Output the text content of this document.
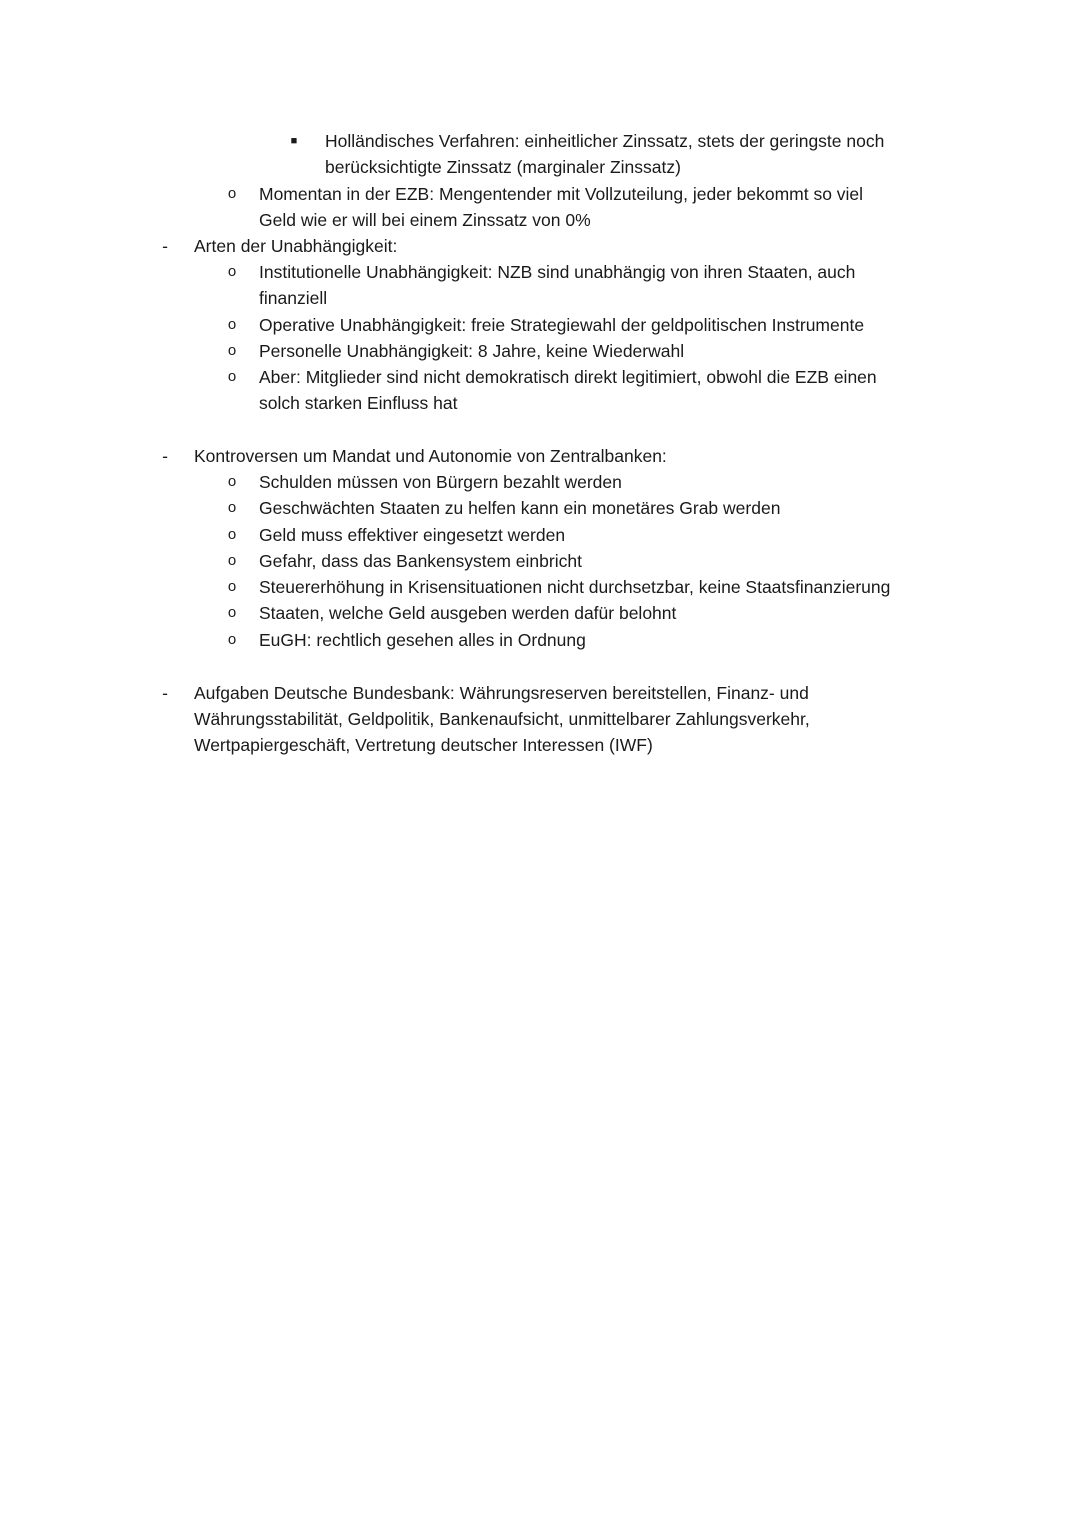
■ Holländisches Verfahren: einheitlicher Zinssatz, stets der geringste noch
berücksichtigte Zinssatz (marginaler Zinssatz)
o Momentan in der EZB: Mengentender mit Vollzuteilung, jeder bekommt so viel
Geld wie er will bei einem Zinssatz von 0%
- Arten der Unabhängigkeit:
o Institutionelle Unabhängigkeit: NZB sind unabhängig von ihren Staaten, auch
finanziell
o Operative Unabhängigkeit: freie Strategiewahl der geldpolitischen Instrumente
o Personelle Unabhängigkeit: 8 Jahre, keine Wiederwahl
o Aber: Mitglieder sind nicht demokratisch direkt legitimiert, obwohl die EZB einen
solch starken Einfluss hat
- Kontroversen um Mandat und Autonomie von Zentralbanken:
o Schulden müssen von Bürgern bezahlt werden
o Geschwächten Staaten zu helfen kann ein monetäres Grab werden
o Geld muss effektiver eingesetzt werden
o Gefahr, dass das Bankensystem einbricht
o Steuererhöhung in Krisensituationen nicht durchsetzbar, keine Staatsfinanzierung
o Staaten, welche Geld ausgeben werden dafür belohnt
o EuGH: rechtlich gesehen alles in Ordnung
- Aufgaben Deutsche Bundesbank: Währungsreserven bereitstellen, Finanz- und
Währungsstabilität, Geldpolitik, Bankenaufsicht, unmittelbarer Zahlungsverkehr,
Wertpapiergeschäft, Vertretung deutscher Interessen (IWF)
